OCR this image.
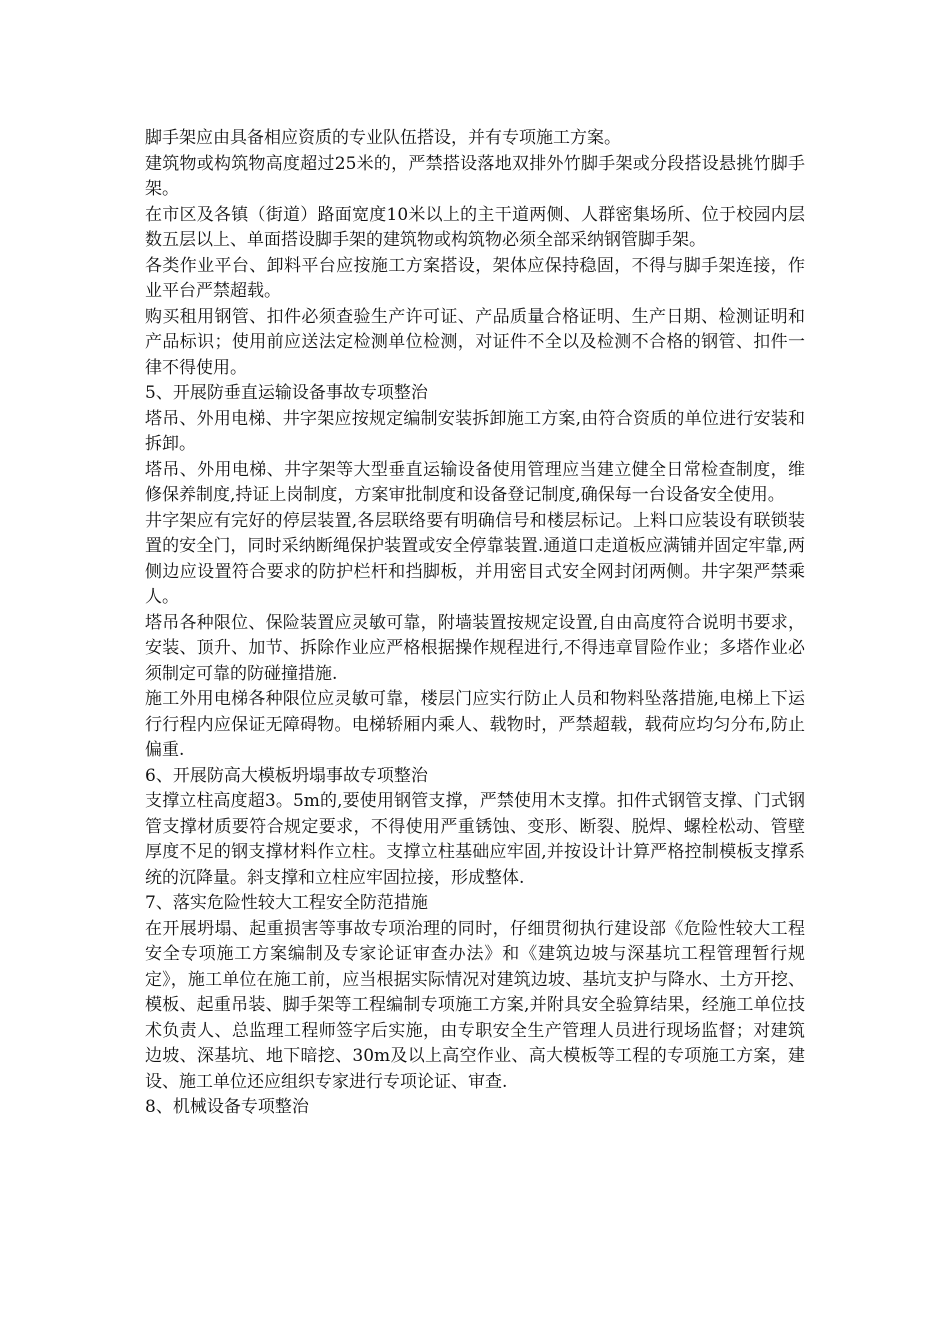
脚手架应由具备相应资质的专业队伍搭设，并有专项施工方案。

建筑物或构筑物高度超过25米的，严禁搭设落地双排外竹脚手架或分段搭设悬挑竹脚手架。

在市区及各镇（街道）路面宽度10米以上的主干道两侧、人群密集场所、位于校园内层数五层以上、单面搭设脚手架的建筑物或构筑物必须全部采纳钢管脚手架。

各类作业平台、卸料平台应按施工方案搭设，架体应保持稳固，不得与脚手架连接，作业平台严禁超载。

购买租用钢管、扣件必须查验生产许可证、产品质量合格证明、生产日期、检测证明和产品标识；使用前应送法定检测单位检测，对证件不全以及检测不合格的钢管、扣件一律不得使用。

5、开展防垂直运输设备事故专项整治

塔吊、外用电梯、井字架应按规定编制安装拆卸施工方案,由符合资质的单位进行安装和拆卸。

塔吊、外用电梯、井字架等大型垂直运输设备使用管理应当建立健全日常检查制度，维修保养制度,持证上岗制度，方案审批制度和设备登记制度,确保每一台设备安全使用。

井字架应有完好的停层装置,各层联络要有明确信号和楼层标记。上料口应装设有联锁装置的安全门，同时采纳断绳保护装置或安全停靠装置.通道口走道板应满铺并固定牢靠,两侧边应设置符合要求的防护栏杆和挡脚板，并用密目式安全网封闭两侧。井字架严禁乘人。

塔吊各种限位、保险装置应灵敏可靠，附墙装置按规定设置,自由高度符合说明书要求，安装、顶升、加节、拆除作业应严格根据操作规程进行,不得违章冒险作业；多塔作业必须制定可靠的防碰撞措施.

施工外用电梯各种限位应灵敏可靠，楼层门应实行防止人员和物料坠落措施,电梯上下运行行程内应保证无障碍物。电梯轿厢内乘人、载物时，严禁超载，载荷应均匀分布,防止偏重.

6、开展防高大模板坍塌事故专项整治

支撑立柱高度超3。5m的,要使用钢管支撑，严禁使用木支撑。扣件式钢管支撑、门式钢管支撑材质要符合规定要求，不得使用严重锈蚀、变形、断裂、脱焊、螺栓松动、管壁厚度不足的钢支撑材料作立柱。支撑立柱基础应牢固,并按设计计算严格控制模板支撑系统的沉降量。斜支撑和立柱应牢固拉接，形成整体.

7、落实危险性较大工程安全防范措施

在开展坍塌、起重损害等事故专项治理的同时，仔细贯彻执行建设部《危险性较大工程安全专项施工方案编制及专家论证审查办法》和《建筑边坡与深基坑工程管理暂行规定》，施工单位在施工前，应当根据实际情况对建筑边坡、基坑支护与降水、土方开挖、模板、起重吊装、脚手架等工程编制专项施工方案,并附具安全验算结果，经施工单位技术负责人、总监理工程师签字后实施，由专职安全生产管理人员进行现场监督；对建筑边坡、深基坑、地下暗挖、30m及以上高空作业、高大模板等工程的专项施工方案，建设、施工单位还应组织专家进行专项论证、审查.

8、机械设备专项整治
